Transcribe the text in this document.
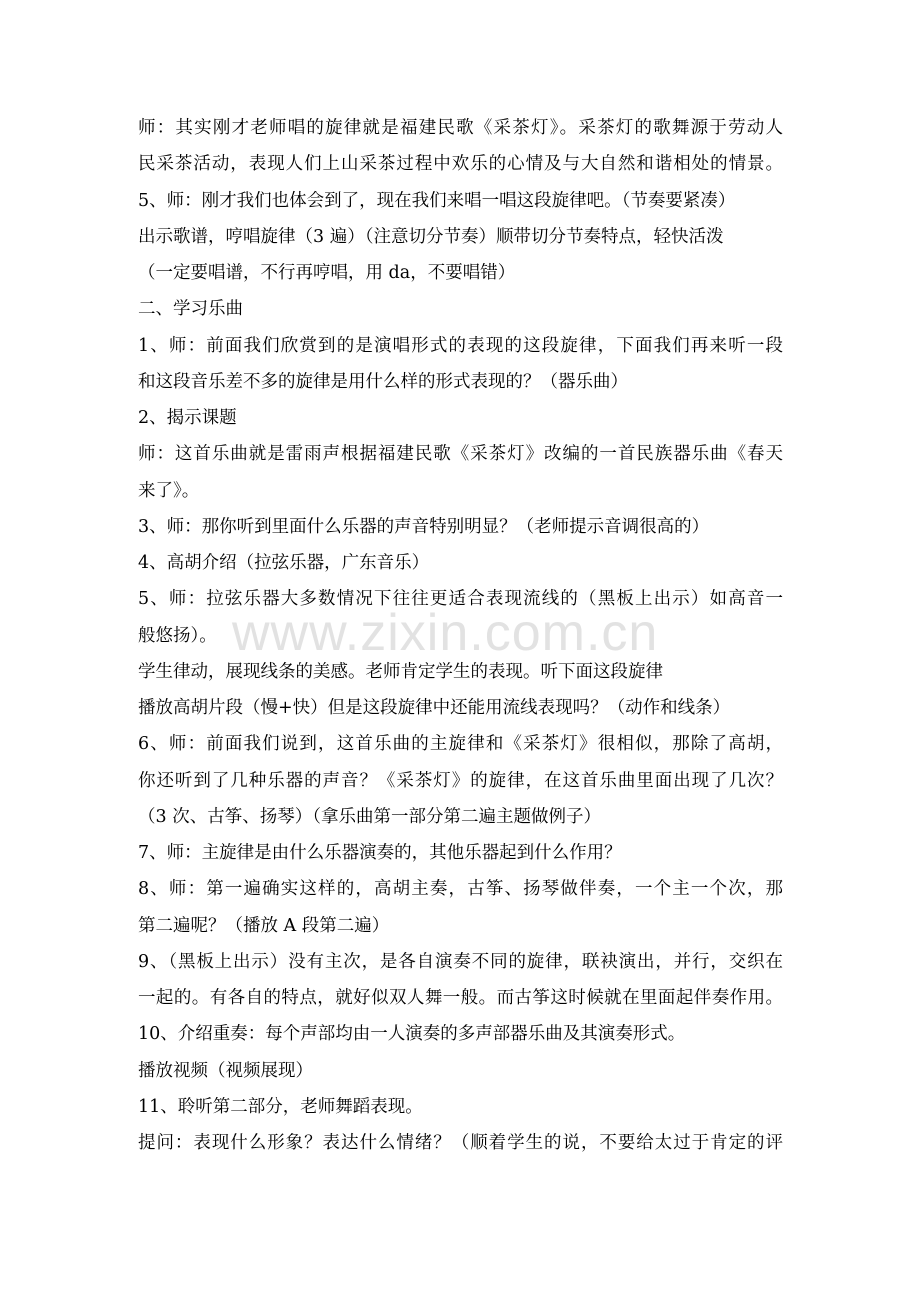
www.zixin.com.cn
师：其实刚才老师唱的旋律就是福建民歌《采茶灯》。采茶灯的歌舞源于劳动人
民采茶活动，表现人们上山采茶过程中欢乐的心情及与大自然和谐相处的情景。
5、师：刚才我们也体会到了，现在我们来唱一唱这段旋律吧。（节奏要紧凑）
出示歌谱，哼唱旋律（3 遍）（注意切分节奏）顺带切分节奏特点，轻快活泼
（一定要唱谱，不行再哼唱，用 da，不要唱错）
二、学习乐曲
1、师：前面我们欣赏到的是演唱形式的表现的这段旋律，下面我们再来听一段
和这段音乐差不多的旋律是用什么样的形式表现的？（器乐曲）
2、揭示课题
师：这首乐曲就是雷雨声根据福建民歌《采茶灯》改编的一首民族器乐曲《春天
来了》。
3、师：那你听到里面什么乐器的声音特别明显？（老师提示音调很高的）
4、高胡介绍（拉弦乐器，广东音乐）
5、师：拉弦乐器大多数情况下往往更适合表现流线的（黑板上出示）如高音一
般悠扬）。
学生律动，展现线条的美感。老师肯定学生的表现。听下面这段旋律
播放高胡片段（慢+快）但是这段旋律中还能用流线表现吗？（动作和线条）
6、师：前面我们说到，这首乐曲的主旋律和《采茶灯》很相似，那除了高胡，
你还听到了几种乐器的声音？《采茶灯》的旋律，在这首乐曲里面出现了几次？
（3 次、古筝、扬琴）（拿乐曲第一部分第二遍主题做例子）
7、师：主旋律是由什么乐器演奏的，其他乐器起到什么作用？
8、师：第一遍确实这样的，高胡主奏，古筝、扬琴做伴奏，一个主一个次，那
第二遍呢？（播放 A 段第二遍）
9、（黑板上出示）没有主次，是各自演奏不同的旋律，联袂演出，并行，交织在
一起的。有各自的特点，就好似双人舞一般。而古筝这时候就在里面起伴奏作用。
10、介绍重奏：每个声部均由一人演奏的多声部器乐曲及其演奏形式。
播放视频（视频展现）
11、聆听第二部分，老师舞蹈表现。
提问：表现什么形象？表达什么情绪？（顺着学生的说，不要给太过于肯定的评
